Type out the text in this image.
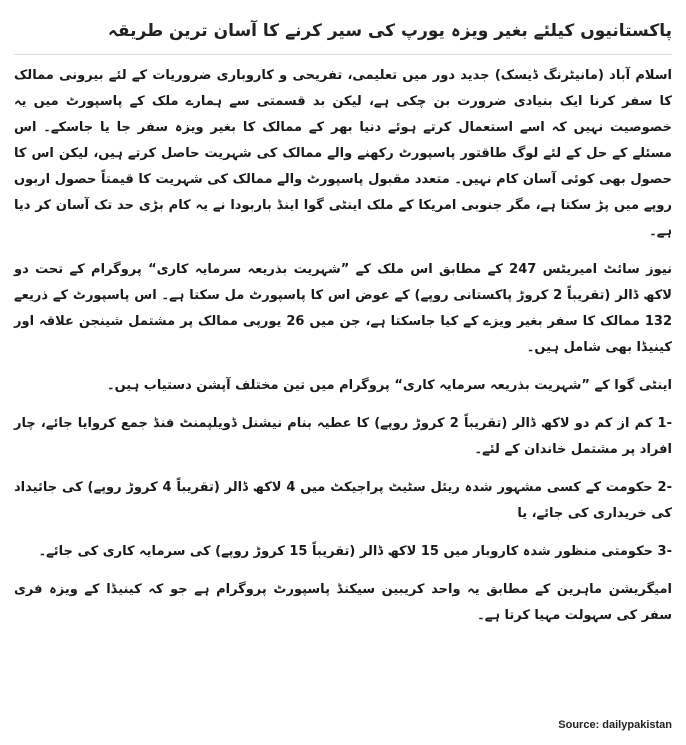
پاکستانیوں کیلئے بغیر ویزہ یورپ کی سیر کرنے کا آسان ترین طریقہ

اسلام آباد (مانیٹرنگ ڈیسک) جدید دور میں تعلیمی، تفریحی و کاروباری ضروریات کے لئے بیرونی ممالک کا سفر کرنا ایک بنیادی ضرورت بن چکی ہے، لیکن بد قسمتی سے ہمارے ملک کے پاسپورٹ میں یہ خصوصیت نہیں کہ اسے استعمال کرتے ہوئے دنیا بھر کے ممالک کا بغیر ویزہ سفر جا یا جاسکے۔ اس مسئلے کے حل کے لئے لوگ طاقتور پاسپورٹ رکھنے والے ممالک کی شہریت حاصل کرتے ہیں، لیکن اس کا حصول بھی کوئی آسان کام نہیں۔ متعدد مقبول پاسپورٹ والے ممالک کی شہریت کا قیمتاً حصول اربوں روپے میں پڑ سکتا ہے، مگر جنوبی امریکا کے ملک اینٹی گوا اینڈ باربودا نے یہ کام بڑی حد تک آسان کر دیا ہے۔

نیوز سائٹ امیریٹس 247 کے مطابق اس ملک کے ”شہریت بذریعہ سرمایہ کاری“ پروگرام کے تحت دو لاکھ ڈالر (تقریباً 2 کروڑ پاکستانی روپے) کے عوض اس کا پاسپورٹ مل سکتا ہے۔ اس پاسپورٹ کے ذریعے 132 ممالک کا سفر بغیر ویزے کے کیا جاسکتا ہے، جن میں 26 یورپی ممالک پر مشتمل شینجن علاقہ اور کینیڈا بھی شامل ہیں۔

اینٹی گوا کے ”شہریت بذریعہ سرمایہ کاری“ پروگرام میں تین مختلف آپشن دستیاب ہیں۔

-1 کم از کم دو لاکھ ڈالر (تقریباً 2 کروڑ روپے) کا عطیہ بنام نیشنل ڈویلپمنٹ فنڈ جمع کروایا جائے، چار افراد پر مشتمل خاندان کے لئے۔

-2 حکومت کے کسی مشہور شدہ ریئل سٹیٹ پراجیکٹ میں 4 لاکھ ڈالر (تقریباً 4 کروڑ روپے) کی جائیداد کی خریداری کی جائے، یا

-3 حکومتی منظور شدہ کاروبار میں 15 لاکھ ڈالر (تقریباً 15 کروڑ روپے) کی سرمایہ کاری کی جائے۔

امیگریشن ماہرین کے مطابق یہ واحد کریبین سیکنڈ پاسپورٹ پروگرام ہے جو کہ کینیڈا کے ویزہ فری سفر کی سہولت مہیا کرتا ہے۔

Source: dailypakistan
